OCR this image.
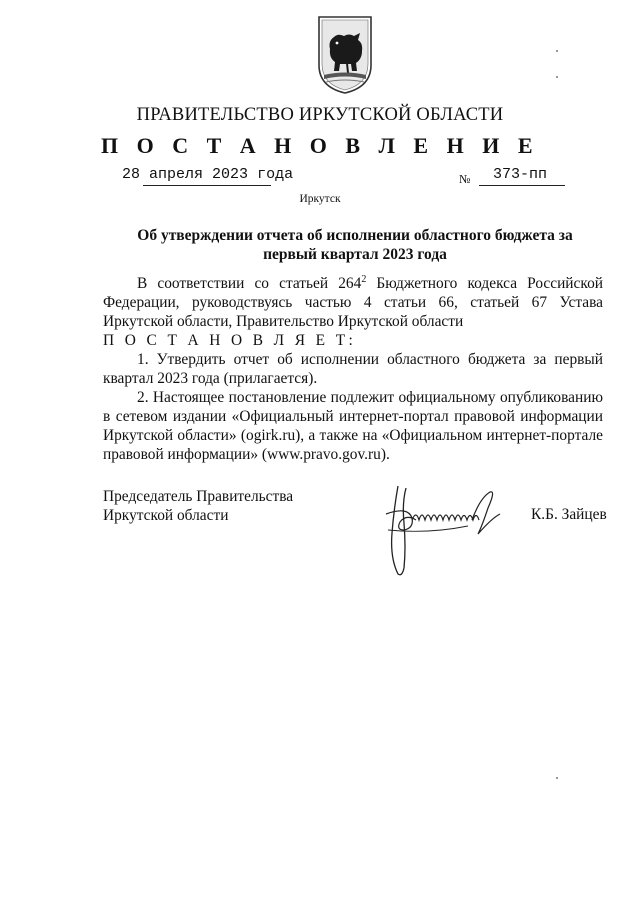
ПРАВИТЕЛЬСТВО ИРКУТСКОЙ ОБЛАСТИ
П О С Т А Н О В Л Е Н И Е
28 апреля 2023 года	№	373-пп
Иркутск
Об утверждении отчета об исполнении областного бюджета за
первый квартал 2023 года

В соответствии со статьей $264^2$ Бюджетного кодекса Российской Федерации, руководствуясь частью 4 статьи 66, статьей 67 Устава Иркутской области, Правительство Иркутской области

П О С Т А Н О В Л Я Е Т:

1. Утвердить отчет об исполнении областного бюджета за первый квартал 2023 года (прилагается).

2. Настоящее постановление подлежит официальному опубликованию в сетевом издании «Официальный интернет-портал правовой информации Иркутской области» (ogirk.ru), а также на «Официальном интернет-портале правовой информации» (www.pravo.gov.ru).

Председатель Правительства
Иркутской области	К.Б. Зайцев
